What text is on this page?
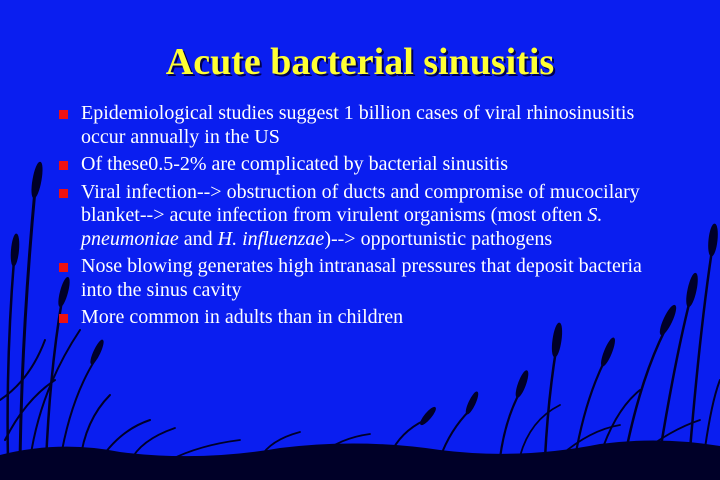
Acute bacterial sinusitis
Epidemiological studies suggest 1 billion cases of viral rhinosinusitis occur annually in the US
Of these0.5-2% are complicated by bacterial sinusitis
Viral infection--> obstruction of ducts and compromise of mucocilary blanket--> acute infection from virulent organisms (most often S. pneumoniae and H. influenzae)--> opportunistic pathogens
Nose blowing generates high intranasal pressures that deposit bacteria into the sinus cavity
More common in adults than in children
